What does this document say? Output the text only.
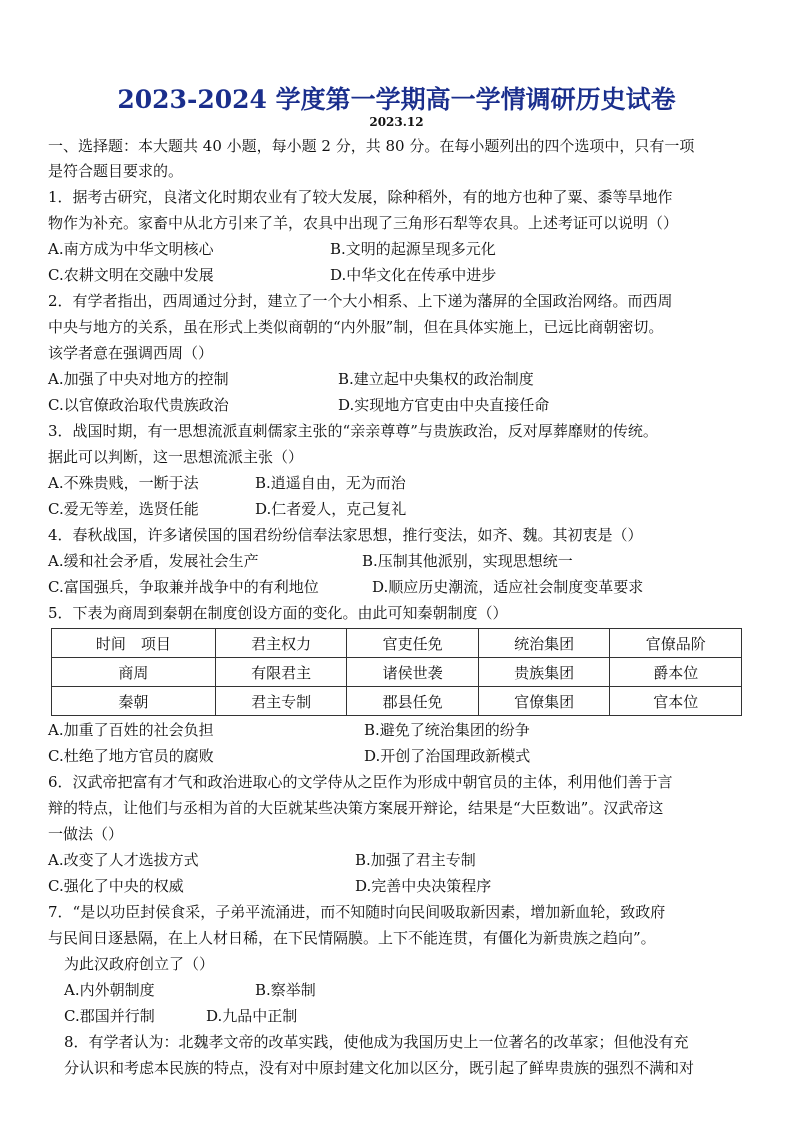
2023-2024 学度第一学期高一学情调研历史试卷
2023.12
一、选择题：本大题共 40 小题，每小题 2 分，共 80 分。在每小题列出的四个选项中，只有一项
是符合题目要求的。
1．据考古研究，良渚文化时期农业有了较大发展，除种稻外，有的地方也种了粟、黍等旱地作
物作为补充。家畜中从北方引来了羊，农具中出现了三角形石犁等农具。上述考证可以说明（）
A.南方成为中华文明核心	B.文明的起源呈现多元化
C.农耕文明在交融中发展	D.中华文化在传承中进步
2．有学者指出，西周通过分封，建立了一个大小相系、上下递为藩屏的全国政治网络。而西周
中央与地方的关系，虽在形式上类似商朝的“内外服”制，但在具体实施上，已远比商朝密切。
该学者意在强调西周（）
A.加强了中央对地方的控制	B.建立起中央集权的政治制度
C.以官僚政治取代贵族政治	D.实现地方官吏由中央直接任命
3．战国时期，有一思想流派直刺儒家主张的“亲亲尊尊”与贵族政治，反对厚葬靡财的传统。
据此可以判断，这一思想流派主张（）
A.不殊贵贱，一断于法	B.逍遥自由，无为而治
C.爱无等差，选贤任能	D.仁者爱人，克己复礼
4．春秋战国，许多诸侯国的国君纷纷信奉法家思想，推行变法，如齐、魏。其初衷是（）
A.缓和社会矛盾，发展社会生产	B.压制其他派别，实现思想统一
C.富国强兵，争取兼并战争中的有利地位	D.顺应历史潮流，适应社会制度变革要求
5．下表为商周到秦朝在制度创设方面的变化。由此可知秦朝制度（）
时间　项目	君主权力	官吏任免	统治集团	官僚品阶
商周	有限君主	诸侯世袭	贵族集团	爵本位
秦朝	君主专制	郡县任免	官僚集团	官本位
A.加重了百姓的社会负担	B.避免了统治集团的纷争
C.杜绝了地方官员的腐败	D.开创了治国理政新模式
6．汉武帝把富有才气和政治进取心的文学侍从之臣作为形成中朝官员的主体，利用他们善于言
辩的特点，让他们与丞相为首的大臣就某些决策方案展开辩论，结果是“大臣数诎”。汉武帝这
一做法（）
A.改变了人才选拔方式	B.加强了君主专制
C.强化了中央的权威	D.完善中央决策程序
7．“是以功臣封侯食采，子弟平流涌进，而不知随时向民间吸取新因素，增加新血轮，致政府
与民间日逐悬隔，在上人材日稀，在下民情隔膜。上下不能连贯，有僵化为新贵族之趋向”。
为此汉政府创立了（）
A.内外朝制度	B.察举制
C.郡国并行制	D.九品中正制
8．有学者认为：北魏孝文帝的改革实践，使他成为我国历史上一位著名的改革家；但他没有充
分认识和考虑本民族的特点，没有对中原封建文化加以区分，既引起了鲜卑贵族的强烈不满和对
